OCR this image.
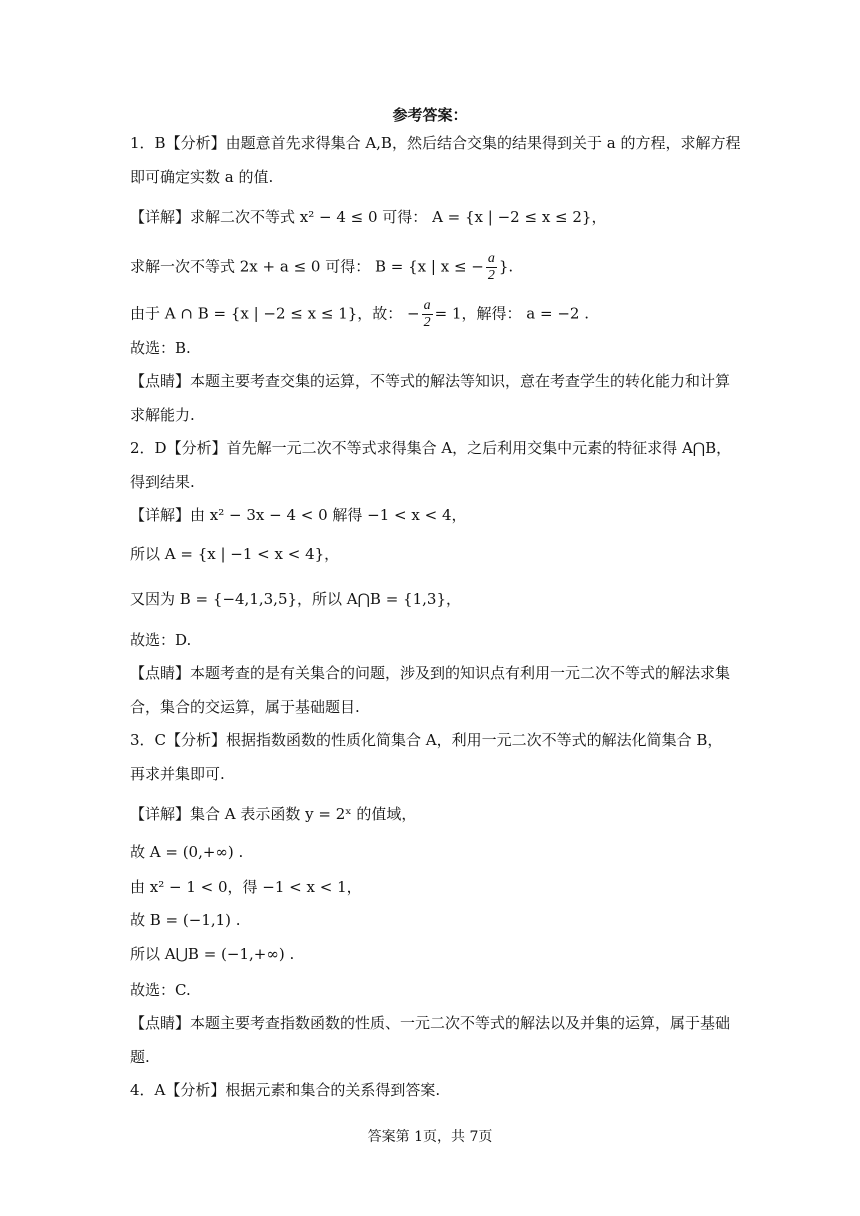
参考答案：
1．B【分析】由题意首先求得集合 A,B，然后结合交集的结果得到关于 a 的方程，求解方程
即可确定实数 a 的值.
【详解】求解二次不等式 x² − 4 ≤ 0 可得： A = {x | −2 ≤ x ≤ 2}，
求解一次不等式 2x + a ≤ 0 可得： B = {x | x ≤ − $\frac{a}{2}$ }.
由于 A ∩ B = {x | −2 ≤ x ≤ 1}，故： − $\frac{a}{2} = 1$，解得： a = −2 .
故选：B.
【点睛】本题主要考查交集的运算，不等式的解法等知识，意在考查学生的转化能力和计算
求解能力.
2．D【分析】首先解一元二次不等式求得集合 A，之后利用交集中元素的特征求得 A⋂B，
得到结果.
【详解】由 x² − 3x − 4 < 0 解得 −1 < x < 4，
所以 A = {x | −1 < x < 4}，
又因为 B = {−4,1,3,5}，所以 A⋂B = {1,3}，
故选：D.
【点睛】本题考查的是有关集合的问题，涉及到的知识点有利用一元二次不等式的解法求集
合，集合的交运算，属于基础题目.
3．C【分析】根据指数函数的性质化简集合 A，利用一元二次不等式的解法化简集合 B，
再求并集即可.
【详解】集合 A 表示函数 y = 2ˣ 的值域，
故 A = (0,+∞) .
由 x² − 1 < 0，得 −1 < x < 1，
故 B = (−1,1) .
所以 A⋃B = (−1,+∞) .
故选：C.
【点睛】本题主要考查指数函数的性质、一元二次不等式的解法以及并集的运算，属于基础
题.
4．A【分析】根据元素和集合的关系得到答案.
答案第 1页，共 7页
